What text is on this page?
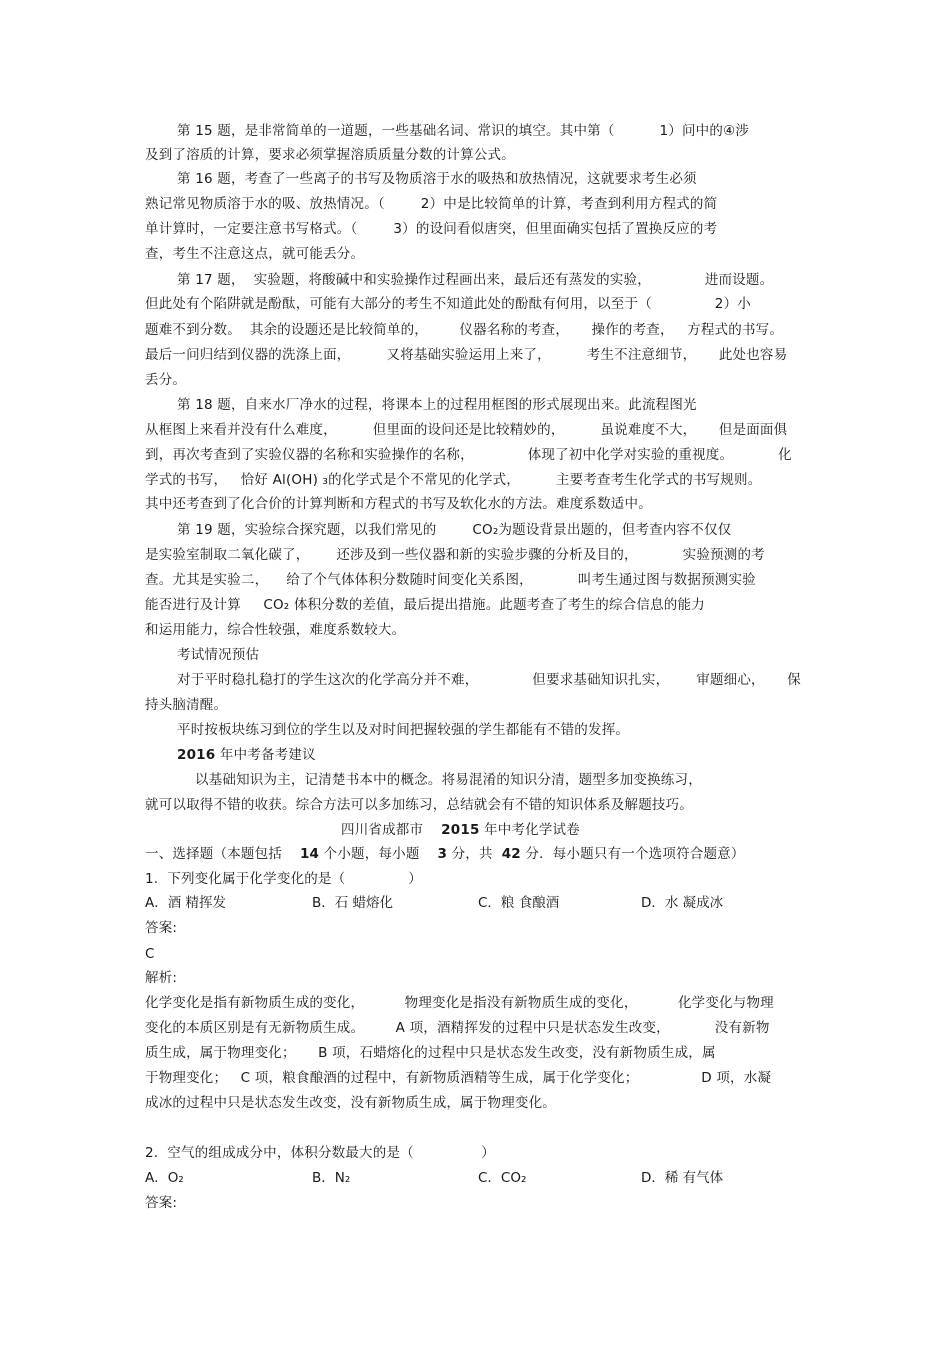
第 15 题，是非常简单的一道题，一些基础名词、常识的填空。其中第（          1）问中的④涉
及到了溶质的计算，要求必须掌握溶质质量分数的计算公式。
第 16 题，考查了一些离子的书写及物质溶于水的吸热和放热情况，这就要求考生必须
熟记常见物质溶于水的吸、放热情况。（        2）中是比较简单的计算，考查到利用方程式的简
单计算时，一定要注意书写格式。（        3）的设问看似唐突，但里面确实包括了置换反应的考
查，考生不注意这点，就可能丢分。
第 17 题，  实验题，将酸碱中和实验操作过程画出来，最后还有蒸发的实验，            进而设题。
但此处有个陷阱就是酚酞，可能有大部分的考生不知道此处的酚酞有何用，以至于（              2）小
题难不到分数。  其余的设题还是比较简单的，       仪器名称的考查，     操作的考查，   方程式的书写。
最后一问归结到仪器的洗涤上面，        又将基础实验运用上来了，        考生不注意细节，     此处也容易
丢分。
第 18 题，自来水厂净水的过程，将课本上的过程用框图的形式展现出来。此流程图光
从框图上来看并没有什么难度，        但里面的设问还是比较精妙的，        虽说难度不大，     但是面面俱
到，再次考查到了实验仪器的名称和实验操作的名称，            体现了初中化学对实验的重视度。          化
学式的书写，   恰好 Al(OH) ₃的化学式是个不常见的化学式，        主要考查考生化学式的书写规则。
其中还考查到了化合价的计算判断和方程式的书写及软化水的方法。难度系数适中。
第 19 题，实验综合探究题，以我们常见的        CO₂为题设背景出题的，但考查内容不仅仅
是实验室制取二氧化碳了，      还涉及到一些仪器和新的实验步骤的分析及目的，          实验预测的考
查。尤其是实验二，    给了个气体体积分数随时间变化关系图，          叫考生通过图与数据预测实验
能否进行及计算     CO₂ 体积分数的差值，最后提出措施。此题考查了考生的综合信息的能力
和运用能力，综合性较强，难度系数较大。
考试情况预估
对于平时稳扎稳打的学生这次的化学高分并不难，            但要求基础知识扎实，      审题细心，     保
持头脑清醒。
平时按板块练习到位的学生以及对时间把握较强的学生都能有不错的发挥。
2016 年中考备考建议
以基础知识为主，记清楚书本中的概念。将易混淆的知识分清，题型多加变换练习，
就可以取得不错的收获。综合方法可以多加练习，总结就会有不错的知识体系及解题技巧。
四川省成都市    2015 年中考化学试卷
一、选择题（本题包括    14 个小题，每小题    3 分，共  42 分．每小题只有一个选项符合题意）
1.  下列变化属于化学变化的是（              ）
A．酒 精挥发	B．石 蜡熔化	C．粮 食酿酒	D．水 凝成冰
答案:
C
解析:
化学变化是指有新物质生成的变化，         物理变化是指没有新物质生成的变化，         化学变化与物理
变化的本质区别是有无新物质生成。       A 项，酒精挥发的过程中只是状态发生改变，          没有新物
质生成，属于物理变化；     B 项，石蜡熔化的过程中只是状态发生改变，没有新物质生成，属
于物理变化；   C 项，粮食酿酒的过程中，有新物质酒精等生成，属于化学变化；              D 项，水凝
成冰的过程中只是状态发生改变，没有新物质生成，属于物理变化。
2.  空气的组成成分中，体积分数最大的是（               ）
A．O₂	B．N₂	C．CO₂	D．稀 有气体
答案:
